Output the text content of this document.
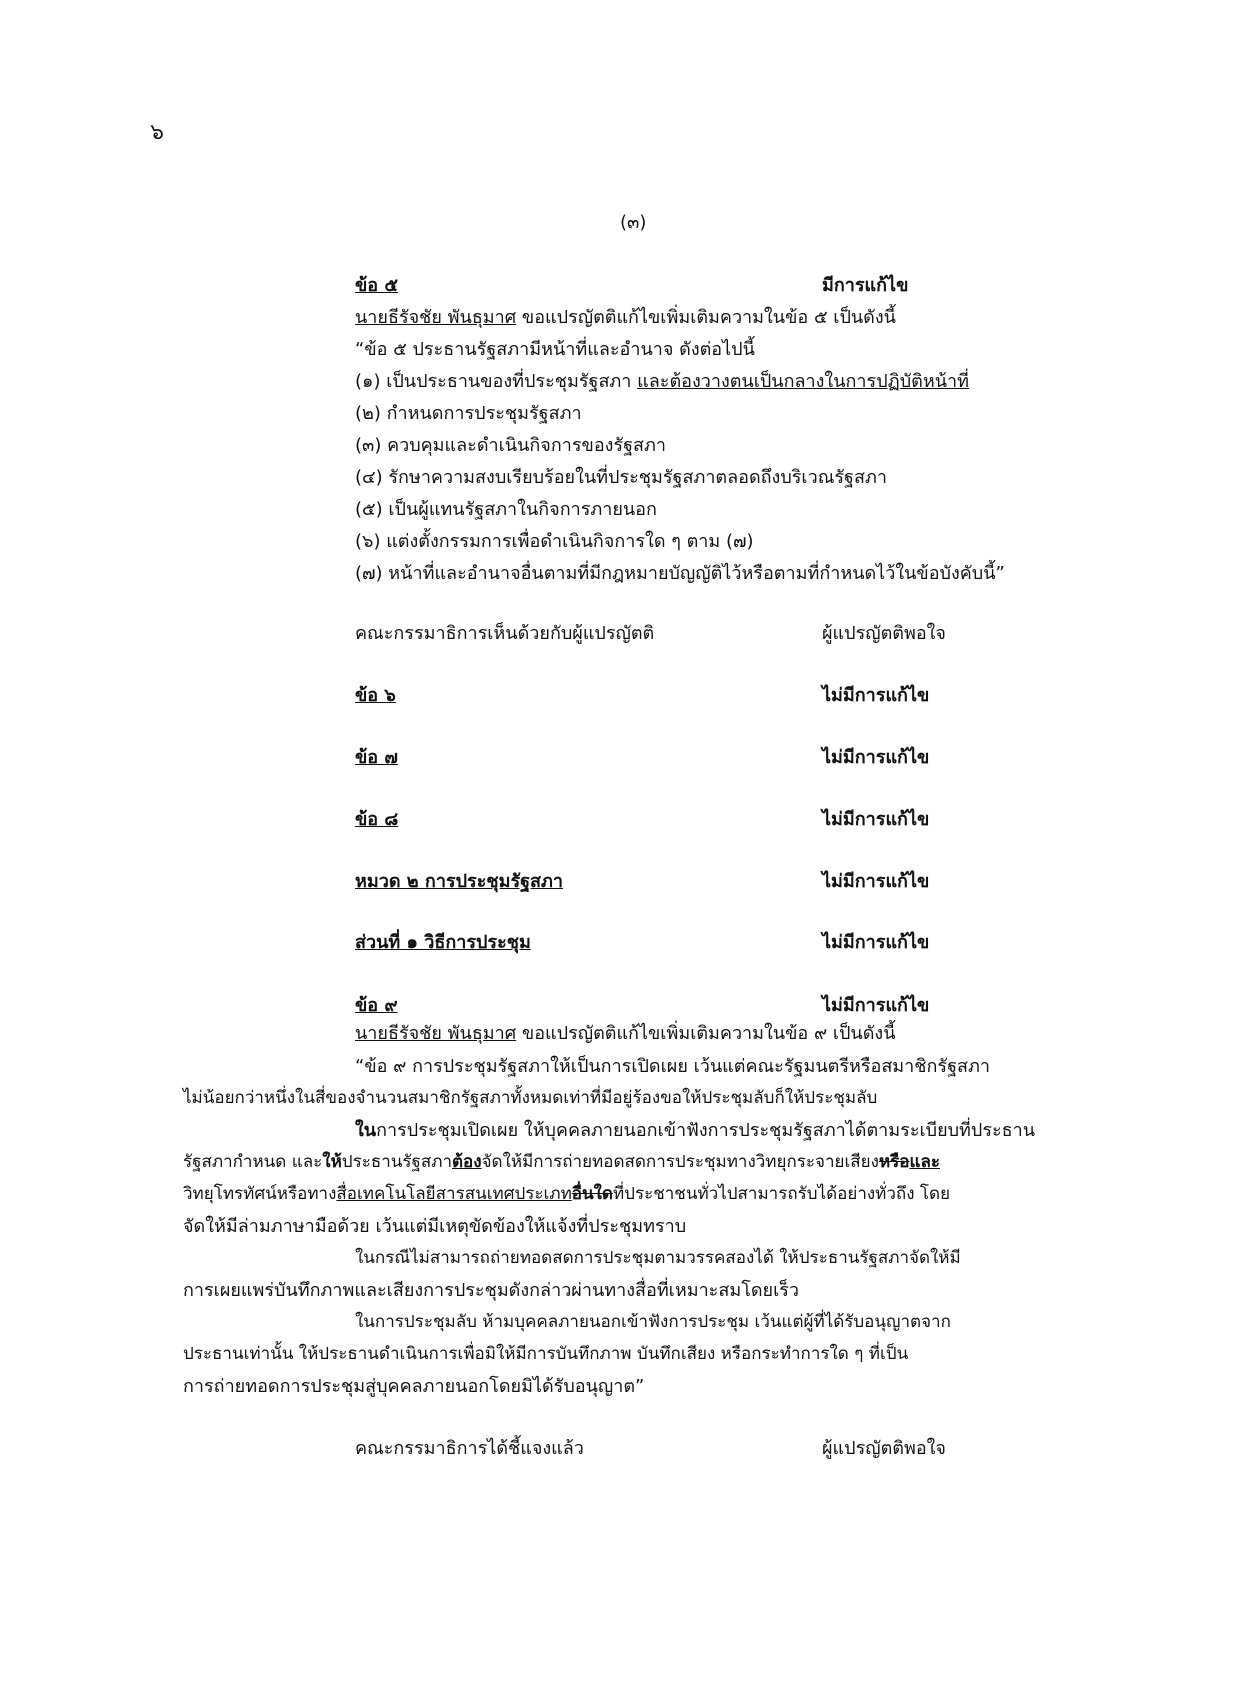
๖
(๓)
ข้อ ๕	มีการแก้ไข
นายธีรัจชัย พันธุมาศ ขอแปรญัตติแก้ไขเพิ่มเติมความในข้อ ๕ เป็นดังนี้
“ข้อ ๕ ประธานรัฐสภามีหน้าที่และอำนาจ ดังต่อไปนี้
(๑) เป็นประธานของที่ประชุมรัฐสภา และต้องวางตนเป็นกลางในการปฏิบัติหน้าที่
(๒) กำหนดการประชุมรัฐสภา
(๓) ควบคุมและดำเนินกิจการของรัฐสภา
(๔) รักษาความสงบเรียบร้อยในที่ประชุมรัฐสภาตลอดถึงบริเวณรัฐสภา
(๕) เป็นผู้แทนรัฐสภาในกิจการภายนอก
(๖) แต่งตั้งกรรมการเพื่อดำเนินกิจการใด ๆ ตาม (๗)
(๗) หน้าที่และอำนาจอื่นตามที่มีกฎหมายบัญญัติไว้หรือตามที่กำหนดไว้ในข้อบังคับนี้”
คณะกรรมาธิการเห็นด้วยกับผู้แปรญัตติ	ผู้แปรญัตติพอใจ
ข้อ ๖	ไม่มีการแก้ไข
ข้อ ๗	ไม่มีการแก้ไข
ข้อ ๘	ไม่มีการแก้ไข
หมวด ๒ การประชุมรัฐสภา	ไม่มีการแก้ไข
ส่วนที่ ๑ วิธีการประชุม	ไม่มีการแก้ไข
ข้อ ๙	ไม่มีการแก้ไข
นายธีรัจชัย พันธุมาศ ขอแปรญัตติแก้ไขเพิ่มเติมความในข้อ ๙ เป็นดังนี้
“ข้อ ๙ การประชุมรัฐสภาให้เป็นการเปิดเผย เว้นแต่คณะรัฐมนตรีหรือสมาชิกรัฐสภา
ไม่น้อยกว่าหนึ่งในสี่ของจำนวนสมาชิกรัฐสภาทั้งหมดเท่าที่มีอยู่ร้องขอให้ประชุมลับก็ให้ประชุมลับ
ในการประชุมเปิดเผย ให้บุคคลภายนอกเข้าฟังการประชุมรัฐสภาได้ตามระเบียบที่ประธาน
รัฐสภากำหนด และให้ประธานรัฐสภาต้องจัดให้มีการถ่ายทอดสดการประชุมทางวิทยุกระจายเสียงหรือและ
วิทยุโทรทัศน์หรือทางสื่อเทคโนโลยีสารสนเทศประเภทอื่นใดที่ประชาชนทั่วไปสามารถรับได้อย่างทั่วถึง โดย
จัดให้มีล่ามภาษามือด้วย เว้นแต่มีเหตุขัดข้องให้แจ้งที่ประชุมทราบ
ในกรณีไม่สามารถถ่ายทอดสดการประชุมตามวรรคสองได้ ให้ประธานรัฐสภาจัดให้มี
การเผยแพร่บันทึกภาพและเสียงการประชุมดังกล่าวผ่านทางสื่อที่เหมาะสมโดยเร็ว
ในการประชุมลับ ห้ามบุคคลภายนอกเข้าฟังการประชุม เว้นแต่ผู้ที่ได้รับอนุญาตจาก
ประธานเท่านั้น ให้ประธานดำเนินการเพื่อมิให้มีการบันทึกภาพ บันทึกเสียง หรือกระทำการใด ๆ ที่เป็น
การถ่ายทอดการประชุมสู่บุคคลภายนอกโดยมิได้รับอนุญาต”
คณะกรรมาธิการได้ชี้แจงแล้ว	ผู้แปรญัตติพอใจ
